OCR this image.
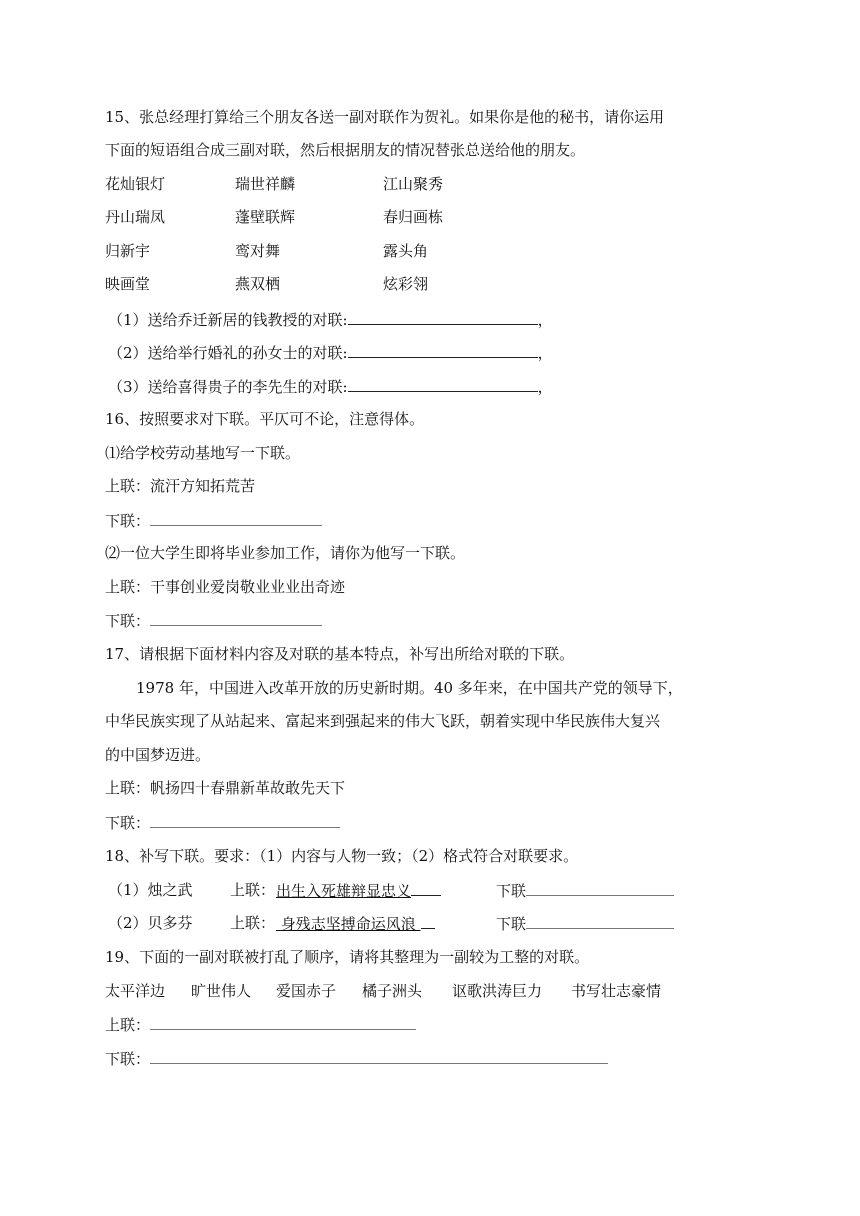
15、张总经理打算给三个朋友各送一副对联作为贺礼。如果你是他的秘书，请你运用
下面的短语组合成三副对联，然后根据朋友的情况替张总送给他的朋友。
花灿银灯	瑞世祥麟	江山聚秀
丹山瑞凤	蓬壁联辉	春归画栋
归新宇	鸾对舞	露头角
映画堂	燕双栖	炫彩翎
（1）送给乔迁新居的钱教授的对联:	，
（2）送给举行婚礼的孙女士的对联:	，
（3）送给喜得贵子的李先生的对联:	，
16、按照要求对下联。平仄可不论，注意得体。
⑴给学校劳动基地写一下联。
上联：流汗方知拓荒苦
下联：
⑵一位大学生即将毕业参加工作，请你为他写一下联。
上联：干事创业爱岗敬业业业出奇迹
下联：
17、请根据下面材料内容及对联的基本特点，补写出所给对联的下联。
1978 年，中国进入改革开放的历史新时期。40 多年来，在中国共产党的领导下，
中华民族实现了从站起来、富起来到强起来的伟大飞跃，朝着实现中华民族伟大复兴
的中国梦迈进。
上联：帆扬四十春鼎新革故敢先天下
下联：
18、补写下联。要求：（1）内容与人物一致；（2）格式符合对联要求。
（1）烛之武 上联： 出生入死雄辩显忠义	下联
（2）贝多芬 上联： 身残志坚搏命运风浪	下联
19、下面的一副对联被打乱了顺序，请将其整理为一副较为工整的对联。
太平洋边 旷世伟人 爱国赤子 橘子洲头 讴歌洪涛巨力 书写壮志豪情
上联：
下联：
